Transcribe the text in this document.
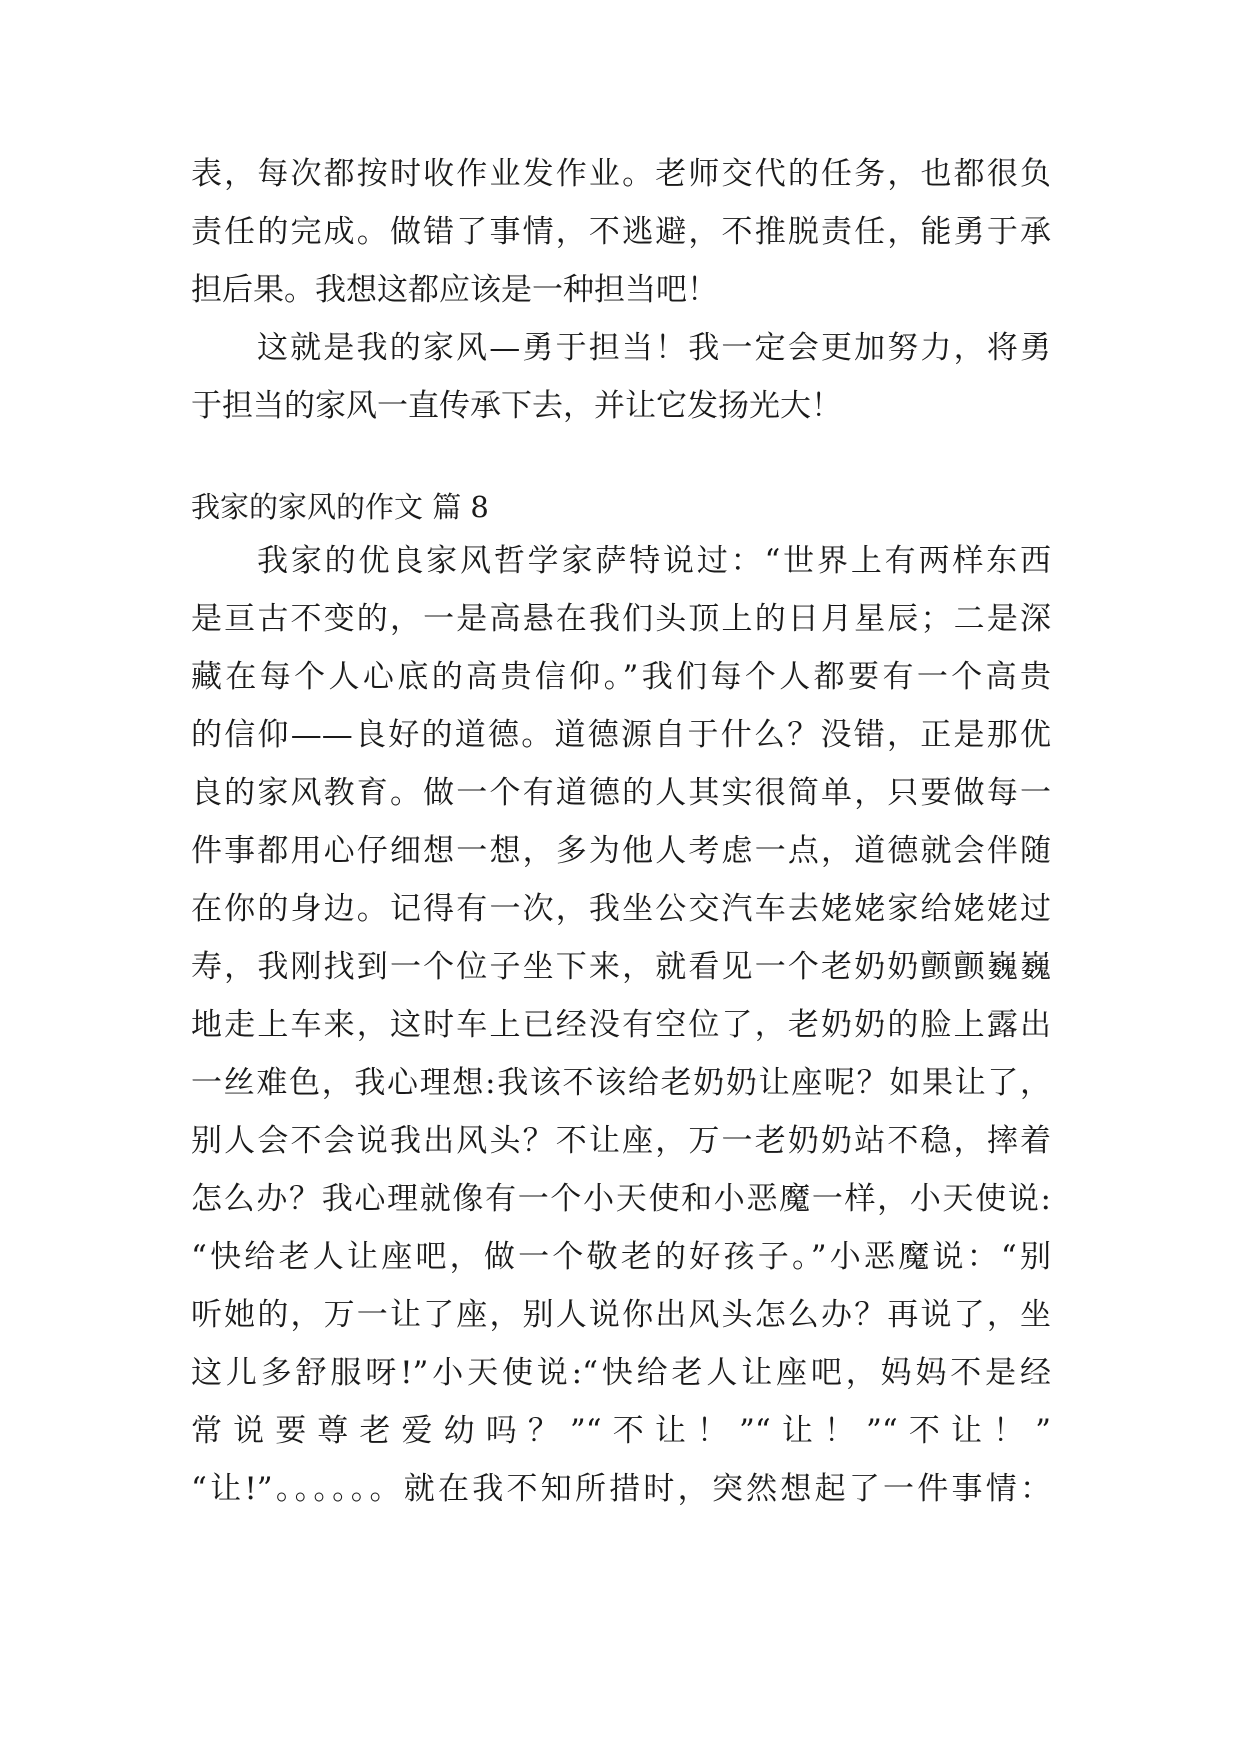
表，每次都按时收作业发作业。老师交代的任务，也都很负
责任的完成。做错了事情，不逃避，不推脱责任，能勇于承
担后果。我想这都应该是一种担当吧！
这就是我的家风—勇于担当！我一定会更加努力，将勇
于担当的家风一直传承下去，并让它发扬光大！
我家的家风的作文 篇 8
我家的优良家风哲学家萨特说过：“世界上有两样东西
是亘古不变的，一是高悬在我们头顶上的日月星辰；二是深
藏在每个人心底的高贵信仰。”我们每个人都要有一个高贵
的信仰——良好的道德。道德源自于什么？没错，正是那优
良的家风教育。做一个有道德的人其实很简单，只要做每一
件事都用心仔细想一想，多为他人考虑一点，道德就会伴随
在你的身边。记得有一次，我坐公交汽车去姥姥家给姥姥过
寿，我刚找到一个位子坐下来，就看见一个老奶奶颤颤巍巍
地走上车来，这时车上已经没有空位了，老奶奶的脸上露出
一丝难色，我心理想:我该不该给老奶奶让座呢？如果让了，
别人会不会说我出风头？不让座，万一老奶奶站不稳，摔着
怎么办？我心理就像有一个小天使和小恶魔一样，小天使说:
“快给老人让座吧，做一个敬老的好孩子。”小恶魔说：“别
听她的，万一让了座，别人说你出风头怎么办？再说了，坐
这儿多舒服呀!”小天使说:“快给老人让座吧，妈妈不是经
常说要尊老爱幼吗？”“不让！”“让！”“不让！”
“让!”。。。。。。就在我不知所措时，突然想起了一件事情：
